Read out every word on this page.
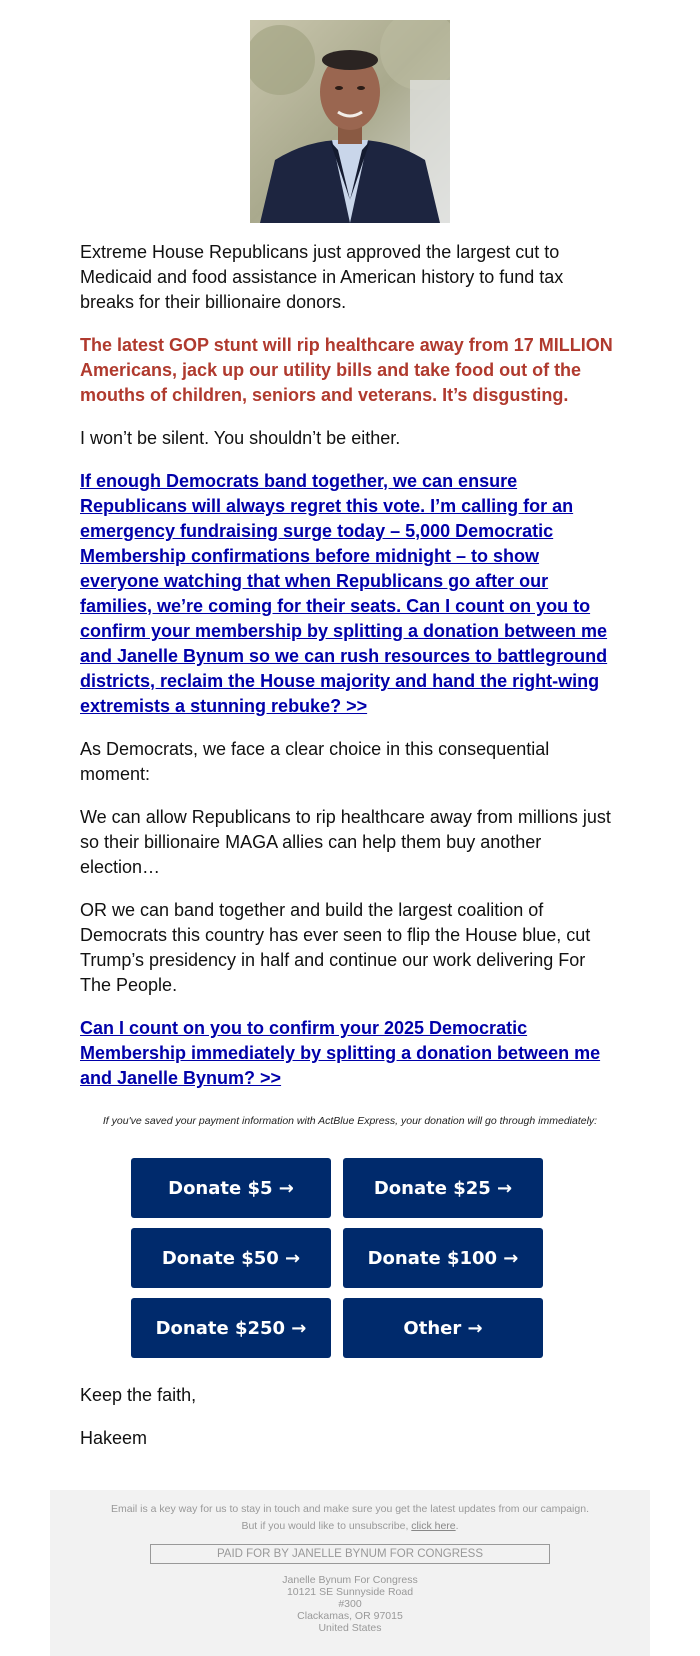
Extreme House Republicans just approved the largest cut to Medicaid and food assistance in American history to fund tax breaks for their billionaire donors.

The latest GOP stunt will rip healthcare away from 17 MILLION Americans, jack up our utility bills and take food out of the mouths of children, seniors and veterans. It’s disgusting.

I won’t be silent. You shouldn’t be either.

If enough Democrats band together, we can ensure Republicans will always regret this vote. I’m calling for an emergency fundraising surge today – 5,000 Democratic Membership confirmations before midnight – to show everyone watching that when Republicans go after our families, we’re coming for their seats. Can I count on you to confirm your membership by splitting a donation between me and Janelle Bynum so we can rush resources to battleground districts, reclaim the House majority and hand the right-wing extremists a stunning rebuke? >>

As Democrats, we face a clear choice in this consequential moment:

We can allow Republicans to rip healthcare away from millions just so their billionaire MAGA allies can help them buy another election…

OR we can band together and build the largest coalition of Democrats this country has ever seen to flip the House blue, cut Trump’s presidency in half and continue our work delivering For The People.

Can I count on you to confirm your 2025 Democratic Membership immediately by splitting a donation between me and Janelle Bynum? >>

If you've saved your payment information with ActBlue Express, your donation will go through immediately:
Donate $5 →	Donate $25 →
Donate $50 →	Donate $100 →
Donate $250 →	Other →

Keep the faith,

Hakeem

Email is a key way for us to stay in touch and make sure you get the latest updates from our campaign.
But if you would like to unsubscribe, click here.
PAID FOR BY JANELLE BYNUM FOR CONGRESS
Janelle Bynum For Congress
10121 SE Sunnyside Road
#300
Clackamas, OR 97015
United States
